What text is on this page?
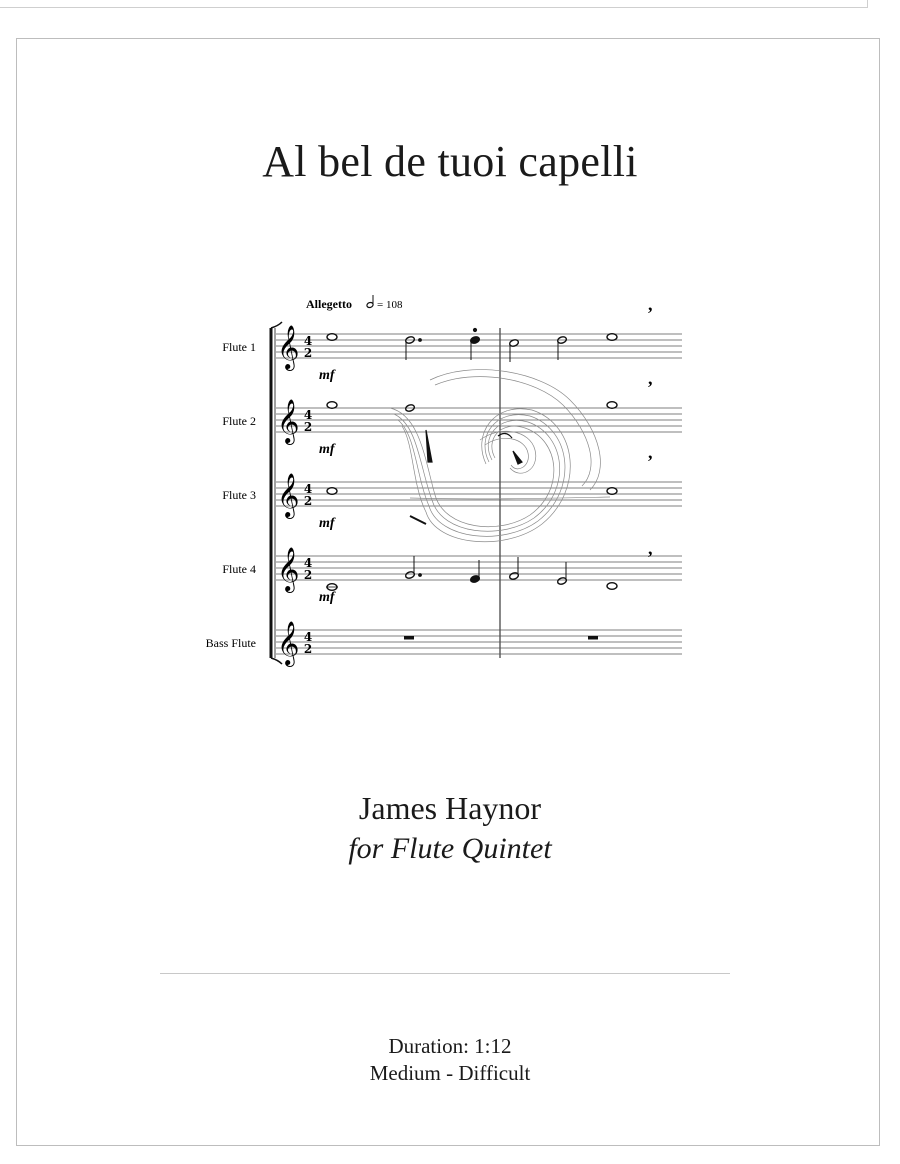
Al bel de tuoi capelli
Allegetto = 108
Flute 1
Flute 2
Flute 3
Flute 4
Bass Flute
𝄞
𝄞
𝄞
𝄞
𝄞
4
2
4
2
4
2
4
2
4
2
mf
mf
mf
mf
,
,
,
,
James Haynor
for Flute Quintet
Duration: 1:12
Medium - Difficult
